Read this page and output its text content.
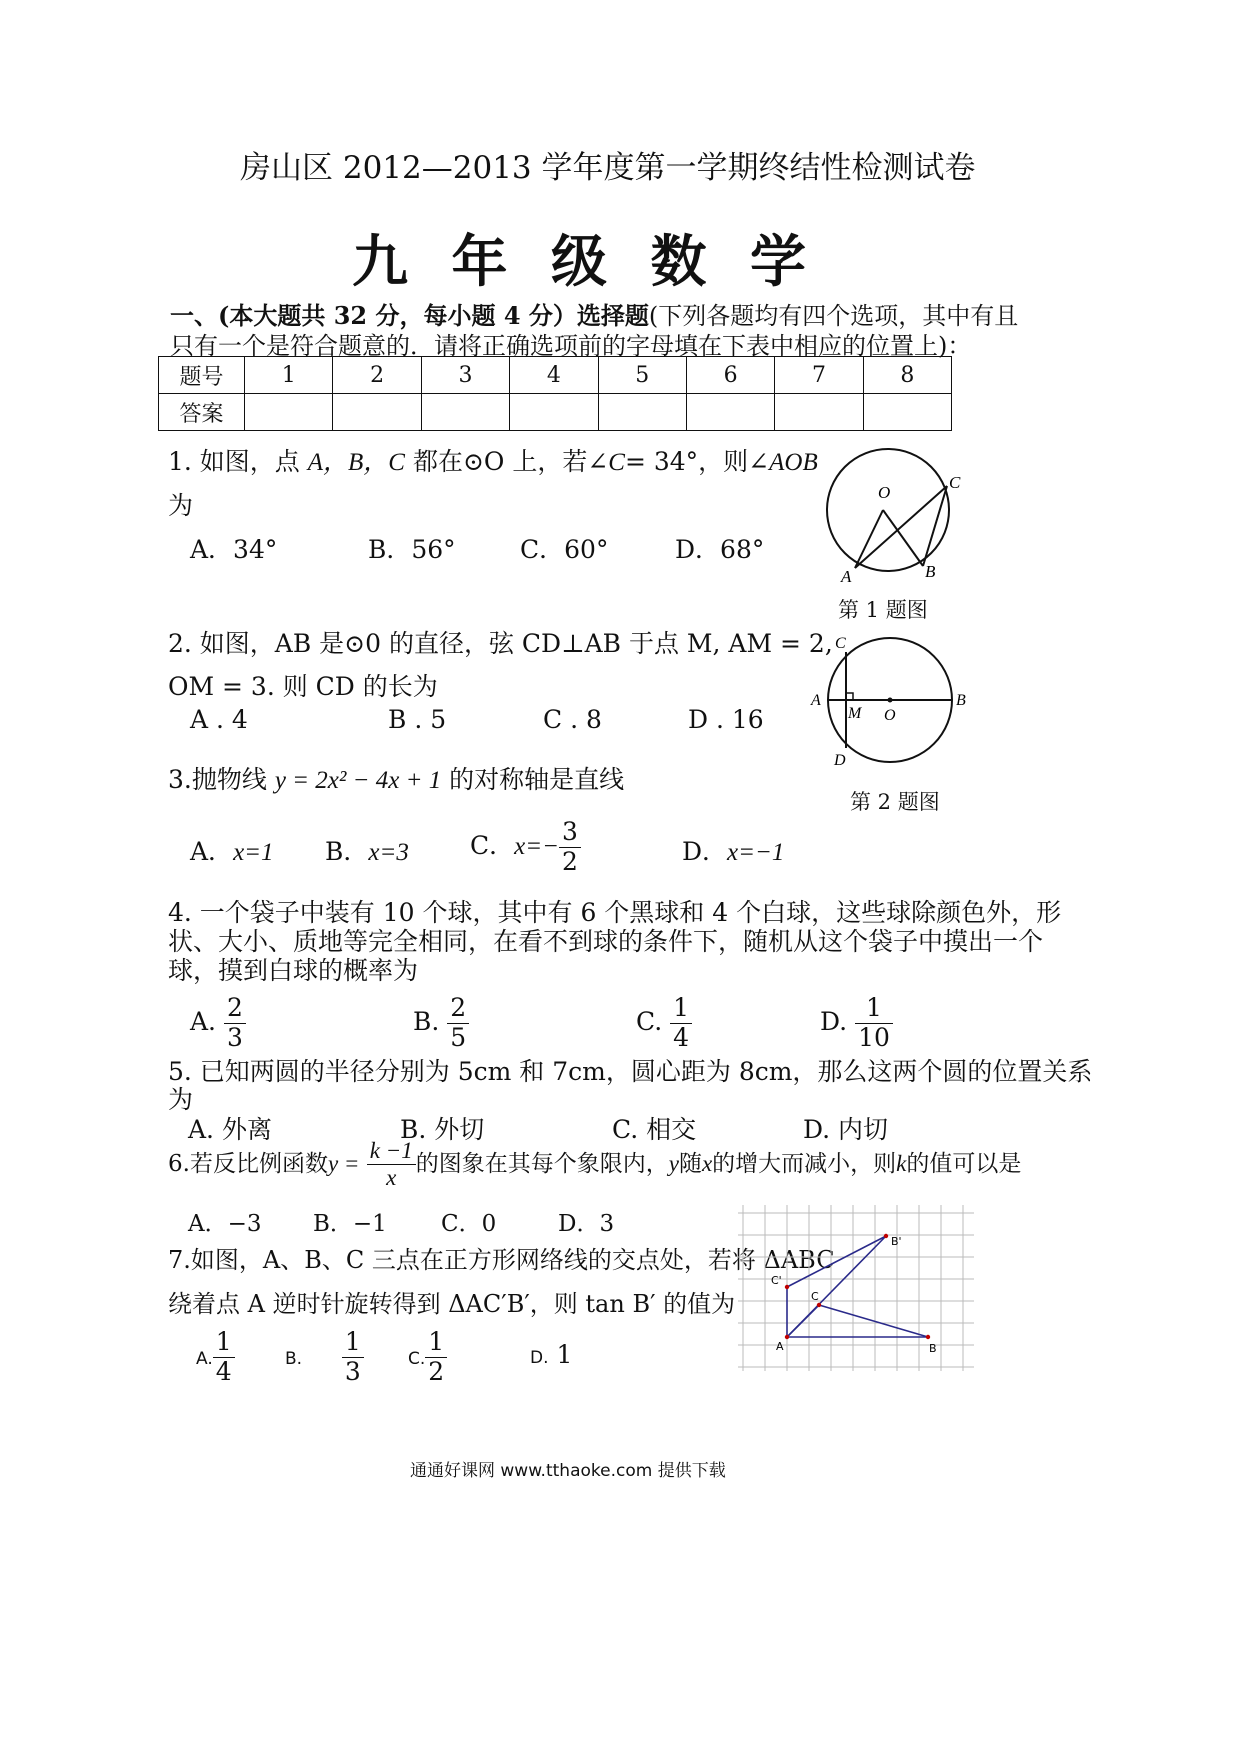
房山区 2012—2013 学年度第一学期终结性检测试卷
九 年 级 数 学
一、(本大题共 32 分，每小题 4 分）选择题(下列各题均有四个选项，其中有且
只有一个是符合题意的．请将正确选项前的字母填在下表中相应的位置上)：
题号	1	2	3	4	5	6	7	8
答案								
1. 如图，点 A，B，C 都在⊙O 上，若∠C= 34°，则∠AOB
为
A．34°	B．56°	C．60°	D．68°
O
C
A	B
第 1 题图
2. 如图，AB 是⊙0 的直径，弦 CD⊥AB 于点 M, AM = 2,
OM = 3. 则 CD 的长为
A . 4	B . 5	C . 8	D . 16
C
A
M O
B
D
第 2 题图
3.抛物线 y = 2x² − 4x + 1 的对称轴是直线
A．x=1 B．x=3 C．$x=- \frac{3}{2}$	D．x=−1
4. 一个袋子中装有 10 个球，其中有 6 个黑球和 4 个白球，这些球除颜色外，形
状、大小、质地等完全相同，在看不到球的条件下，随机从这个袋子中摸出一个
球，摸到白球的概率为
A. $\frac{2}{3}$	B. $\frac{2}{5}$	C. $\frac{1}{4}$	D. $\frac{1}{10}$
5. 已知两圆的半径分别为 5cm 和 7cm，圆心距为 8cm，那么这两个圆的位置关系
为
A. 外离	B. 外切	C. 相交	D. 内切
6.若反比例函数$y = \frac{k -1}{x}$ 的图象在其每个象限内，y随x的增大而减小，则k的值可以是
A．−3 B．−1 C．0	D．3
7.如图，A、B、C 三点在正方形网络线的交点处，若将 ΔABC
绕着点 A 逆时针旋转得到 ΔAC′B′，则 tan B′ 的值为
A. $\frac{1}{4}$	B. $\frac{1}{3}$	C. $\frac{1}{2}$	D. 1
B'
C'
C
A	B
通通好课网 www.tthaoke.com 提供下载
